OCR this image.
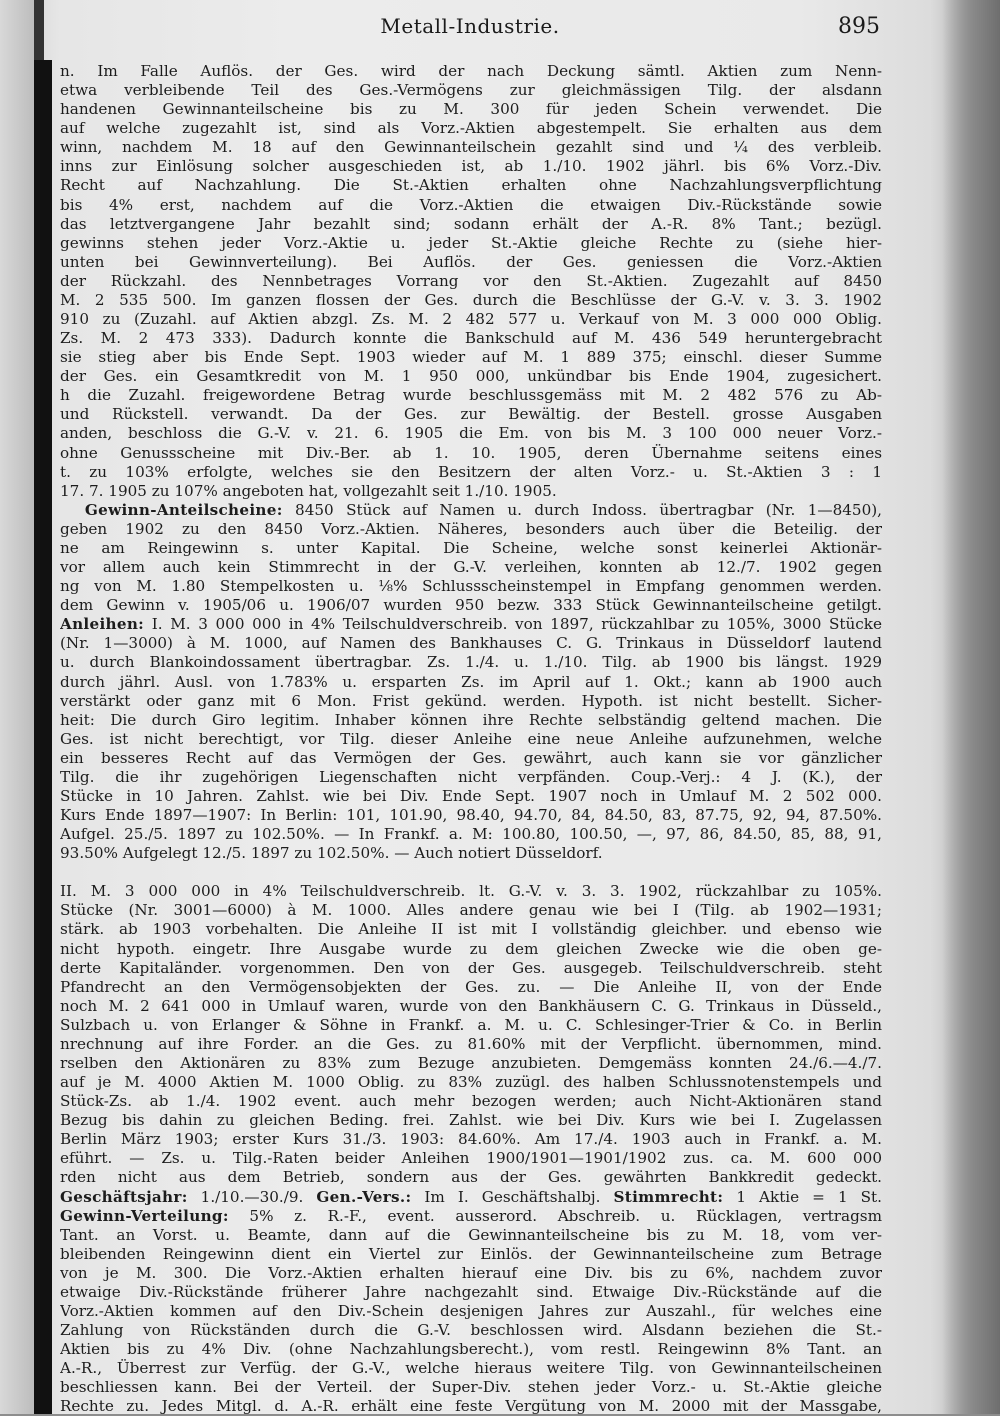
Metall-Industrie.	895
n. Im Falle Auflös. der Ges. wird der nach Deckung sämtl. Aktien zum Nenn-
etwa verbleibende Teil des Ges.-Vermögens zur gleichmässigen Tilg. der alsdann
handenen Gewinnanteilscheine bis zu M. 300 für jeden Schein verwendet. Die
auf welche zugezahlt ist, sind als Vorz.-Aktien abgestempelt. Sie erhalten aus dem
winn, nachdem M. 18 auf den Gewinnanteilschein gezahlt sind und ¼ des verbleib.
inns zur Einlösung solcher ausgeschieden ist, ab 1./10. 1902 jährl. bis 6% Vorz.-Div.
Recht auf Nachzahlung. Die St.-Aktien erhalten ohne Nachzahlungsverpflichtung
bis 4% erst, nachdem auf die Vorz.-Aktien die etwaigen Div.-Rückstände sowie
das letztvergangene Jahr bezahlt sind; sodann erhält der A.-R. 8% Tant.; bezügl.
gewinns stehen jeder Vorz.-Aktie u. jeder St.-Aktie gleiche Rechte zu (siehe hier-
unten bei Gewinnverteilung). Bei Auflös. der Ges. geniessen die Vorz.-Aktien
der Rückzahl. des Nennbetrages Vorrang vor den St.-Aktien. Zugezahlt auf 8450
M. 2 535 500. Im ganzen flossen der Ges. durch die Beschlüsse der G.-V. v. 3. 3. 1902
910 zu (Zuzahl. auf Aktien abzgl. Zs. M. 2 482 577 u. Verkauf von M. 3 000 000 Oblig.
Zs. M. 2 473 333). Dadurch konnte die Bankschuld auf M. 436 549 heruntergebracht
sie stieg aber bis Ende Sept. 1903 wieder auf M. 1 889 375; einschl. dieser Summe
der Ges. ein Gesamtkredit von M. 1 950 000, unkündbar bis Ende 1904, zugesichert.
h die Zuzahl. freigewordene Betrag wurde beschlussgemäss mit M. 2 482 576 zu Ab-
und Rückstell. verwandt. Da der Ges. zur Bewältig. der Bestell. grosse Ausgaben
anden, beschloss die G.-V. v. 21. 6. 1905 die Em. von bis M. 3 100 000 neuer Vorz.-
ohne Genussscheine mit Div.-Ber. ab 1. 10. 1905, deren Übernahme seitens eines
t. zu 103% erfolgte, welches sie den Besitzern der alten Vorz.- u. St.-Aktien 3 : 1
17. 7. 1905 zu 107% angeboten hat, vollgezahlt seit 1./10. 1905.
Gewinn-Anteilscheine: 8450 Stück auf Namen u. durch Indoss. übertragbar (Nr. 1—8450),
geben 1902 zu den 8450 Vorz.-Aktien. Näheres, besonders auch über die Beteilig. der
ne am Reingewinn s. unter Kapital. Die Scheine, welche sonst keinerlei Aktionär-
vor allem auch kein Stimmrecht in der G.-V. verleihen, konnten ab 12./7. 1902 gegen
ng von M. 1.80 Stempelkosten u. ⅛% Schlussscheinstempel in Empfang genommen werden.
dem Gewinn v. 1905/06 u. 1906/07 wurden 950 bezw. 333 Stück Gewinnanteilscheine getilgt.
Anleihen: I. M. 3 000 000 in 4% Teilschuldverschreib. von 1897, rückzahlbar zu 105%, 3000 Stücke
(Nr. 1—3000) à M. 1000, auf Namen des Bankhauses C. G. Trinkaus in Düsseldorf lautend
u. durch Blankoindossament übertragbar. Zs. 1./4. u. 1./10. Tilg. ab 1900 bis längst. 1929
durch jährl. Ausl. von 1.783% u. ersparten Zs. im April auf 1. Okt.; kann ab 1900 auch
verstärkt oder ganz mit 6 Mon. Frist gekünd. werden. Hypoth. ist nicht bestellt. Sicher-
heit: Die durch Giro legitim. Inhaber können ihre Rechte selbständig geltend machen. Die
Ges. ist nicht berechtigt, vor Tilg. dieser Anleihe eine neue Anleihe aufzunehmen, welche
ein besseres Recht auf das Vermögen der Ges. gewährt, auch kann sie vor gänzlicher
Tilg. die ihr zugehörigen Liegenschaften nicht verpfänden. Coup.-Verj.: 4 J. (K.), der
Stücke in 10 Jahren. Zahlst. wie bei Div. Ende Sept. 1907 noch in Umlauf M. 2 502 000.
Kurs Ende 1897—1907: In Berlin: 101, 101.90, 98.40, 94.70, 84, 84.50, 83, 87.75, 92, 94, 87.50%.
Aufgel. 25./5. 1897 zu 102.50%. — In Frankf. a. M: 100.80, 100.50, —, 97, 86, 84.50, 85, 88, 91,
93.50% Aufgelegt 12./5. 1897 zu 102.50%. — Auch notiert Düsseldorf.
II. M. 3 000 000 in 4% Teilschuldverschreib. lt. G.-V. v. 3. 3. 1902, rückzahlbar zu 105%.
Stücke (Nr. 3001—6000) à M. 1000. Alles andere genau wie bei I (Tilg. ab 1902—1931;
stärk. ab 1903 vorbehalten. Die Anleihe II ist mit I vollständig gleichber. und ebenso wie
nicht hypoth. eingetr. Ihre Ausgabe wurde zu dem gleichen Zwecke wie die oben ge-
derte Kapitaländer. vorgenommen. Den von der Ges. ausgegeb. Teilschuldverschreib. steht
Pfandrecht an den Vermögensobjekten der Ges. zu. — Die Anleihe II, von der Ende
noch M. 2 641 000 in Umlauf waren, wurde von den Bankhäusern C. G. Trinkaus in Düsseld.,
Sulzbach u. von Erlanger & Söhne in Frankf. a. M. u. C. Schlesinger-Trier & Co. in Berlin
nrechnung auf ihre Forder. an die Ges. zu 81.60% mit der Verpflicht. übernommen, mind.
rselben den Aktionären zu 83% zum Bezuge anzubieten. Demgemäss konnten 24./6.—4./7.
auf je M. 4000 Aktien M. 1000 Oblig. zu 83% zuzügl. des halben Schlussnotenstempels und
Stück-Zs. ab 1./4. 1902 event. auch mehr bezogen werden; auch Nicht-Aktionären stand
Bezug bis dahin zu gleichen Beding. frei. Zahlst. wie bei Div. Kurs wie bei I. Zugelassen
Berlin März 1903; erster Kurs 31./3. 1903: 84.60%. Am 17./4. 1903 auch in Frankf. a. M.
eführt. — Zs. u. Tilg.-Raten beider Anleihen 1900/1901—1901/1902 zus. ca. M. 600 000
rden nicht aus dem Betrieb, sondern aus der Ges. gewährten Bankkredit gedeckt.
Geschäftsjahr: 1./10.—30./9. Gen.-Vers.: Im I. Geschäftshalbj. Stimmrecht: 1 Aktie = 1 St.
Gewinn-Verteilung: 5% z. R.-F., event. ausserord. Abschreib. u. Rücklagen, vertragsm
Tant. an Vorst. u. Beamte, dann auf die Gewinnanteilscheine bis zu M. 18, vom ver-
bleibenden Reingewinn dient ein Viertel zur Einlös. der Gewinnanteilscheine zum Betrage
von je M. 300. Die Vorz.-Aktien erhalten hierauf eine Div. bis zu 6%, nachdem zuvor
etwaige Div.-Rückstände früherer Jahre nachgezahlt sind. Etwaige Div.-Rückstände auf die
Vorz.-Aktien kommen auf den Div.-Schein desjenigen Jahres zur Auszahl., für welches eine
Zahlung von Rückständen durch die G.-V. beschlossen wird. Alsdann beziehen die St.-
Aktien bis zu 4% Div. (ohne Nachzahlungsberecht.), vom restl. Reingewinn 8% Tant. an
A.-R., Überrest zur Verfüg. der G.-V., welche hieraus weitere Tilg. von Gewinnanteilscheinen
beschliessen kann. Bei der Verteil. der Super-Div. stehen jeder Vorz.- u. St.-Aktie gleiche
Rechte zu. Jedes Mitgl. d. A.-R. erhält eine feste Vergütung von M. 2000 mit der Massgabe,
